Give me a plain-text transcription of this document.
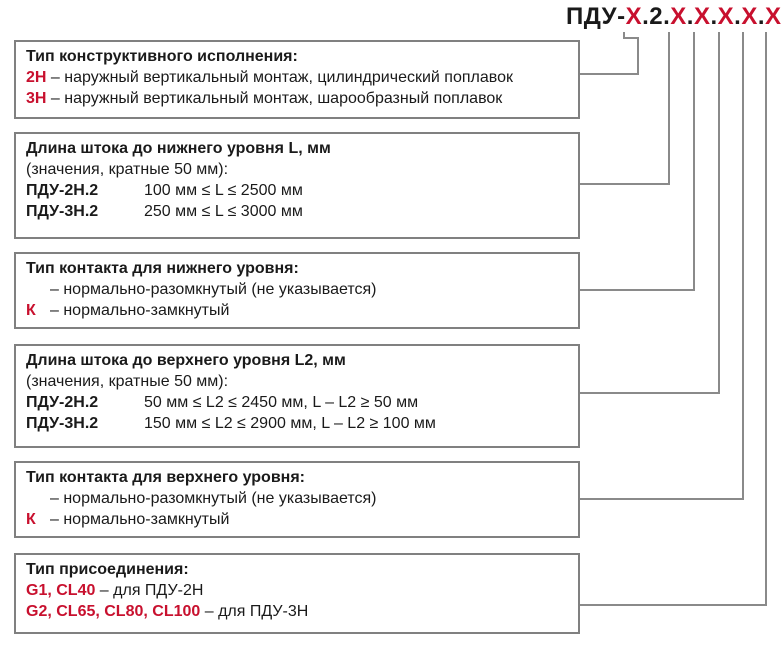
ПДУ-Х.2.Х.Х.Х.Х.Х
Тип конструктивного исполнения:
2Н – наружный вертикальный монтаж, цилиндрический поплавок
3Н – наружный вертикальный монтаж, шарообразный поплавок
Длина штока до нижнего уровня L, мм
(значения, кратные 50 мм):
ПДУ-2Н.2	100 мм ≤ L ≤ 2500 мм
ПДУ-3Н.2	250 мм ≤ L ≤ 3000 мм
Тип контакта для нижнего уровня:
– нормально-разомкнутый (не указывается)
К – нормально-замкнутый
Длина штока до верхнего уровня L2, мм
(значения, кратные 50 мм):
ПДУ-2Н.2	50 мм ≤ L2 ≤ 2450 мм, L – L2 ≥ 50 мм
ПДУ-3Н.2	150 мм ≤ L2 ≤ 2900 мм, L – L2 ≥ 100 мм
Тип контакта для верхнего уровня:
– нормально-разомкнутый (не указывается)
К – нормально-замкнутый
Тип присоединения:
G1, CL40 – для ПДУ-2Н
G2, CL65, CL80, CL100 – для ПДУ-3Н
